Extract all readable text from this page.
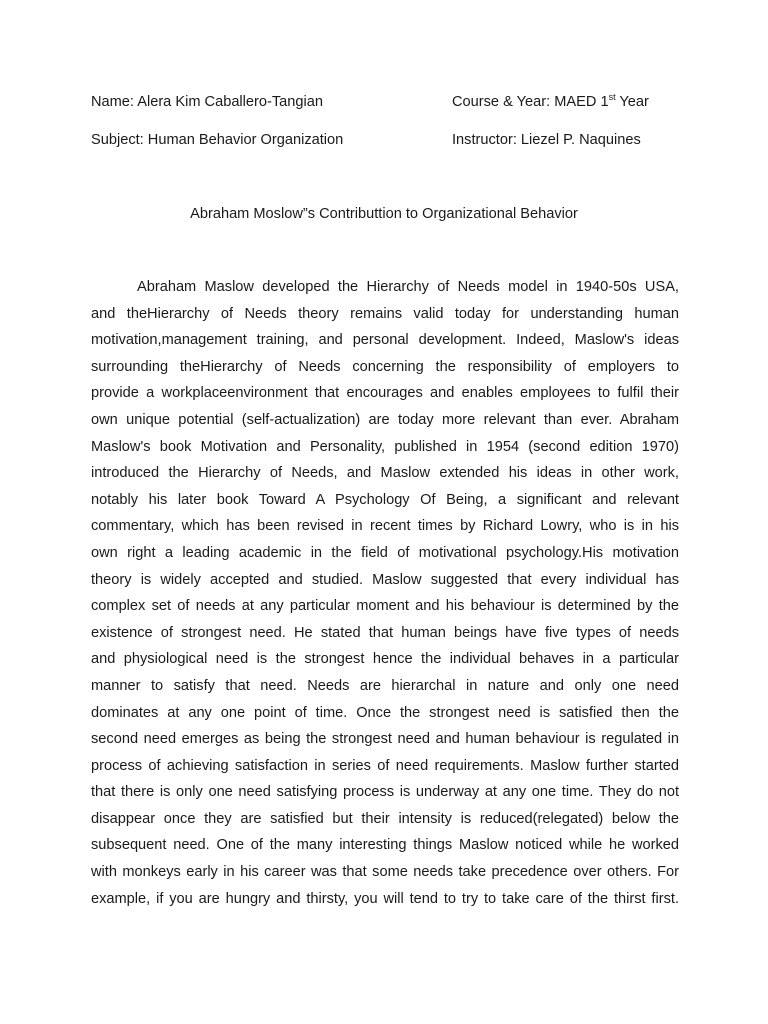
Name: Alera Kim Caballero-Tangian	Course & Year: MAED 1st Year
Subject: Human Behavior Organization	Instructor: Liezel P. Naquines
Abraham Moslow”s Contributtion to Organizational Behavior
Abraham Maslow developed the Hierarchy of Needs model in 1940-50s USA,
and theHierarchy of Needs theory remains valid today for understanding human
motivation,management training, and personal development. Indeed, Maslow's ideas
surrounding theHierarchy of Needs concerning the responsibility of employers to
provide a workplaceenvironment that encourages and enables employees to fulfil their
own unique potential (self-actualization) are today more relevant than ever. Abraham
Maslow's book Motivation and Personality, published in 1954 (second edition 1970)
introduced the Hierarchy of Needs, and Maslow extended his ideas in other work,
notably his later book Toward A Psychology Of Being, a significant and relevant
commentary, which has been revised in recent times by Richard Lowry, who is in his
own right a leading academic in the field of motivational psychology.His motivation
theory is widely accepted and studied. Maslow suggested that every individual has
complex set of needs at any particular moment and his behaviour is determined by the
existence of strongest need. He stated that human beings have five types of needs
and physiological need is the strongest hence the individual behaves in a particular
manner to satisfy that need. Needs are hierarchal in nature and only one need
dominates at any one point of time. Once the strongest need is satisfied then the
second need emerges as being the strongest need and human behaviour is regulated in
process of achieving satisfaction in series of need requirements. Maslow further started
that there is only one need satisfying process is underway at any one time. They do not
disappear once they are satisfied but their intensity is reduced(relegated) below the
subsequent need. One of the many interesting things Maslow noticed while he worked
with monkeys early in his career was that some needs take precedence over others. For
example, if you are hungry and thirsty, you will tend to try to take care of the thirst first.
